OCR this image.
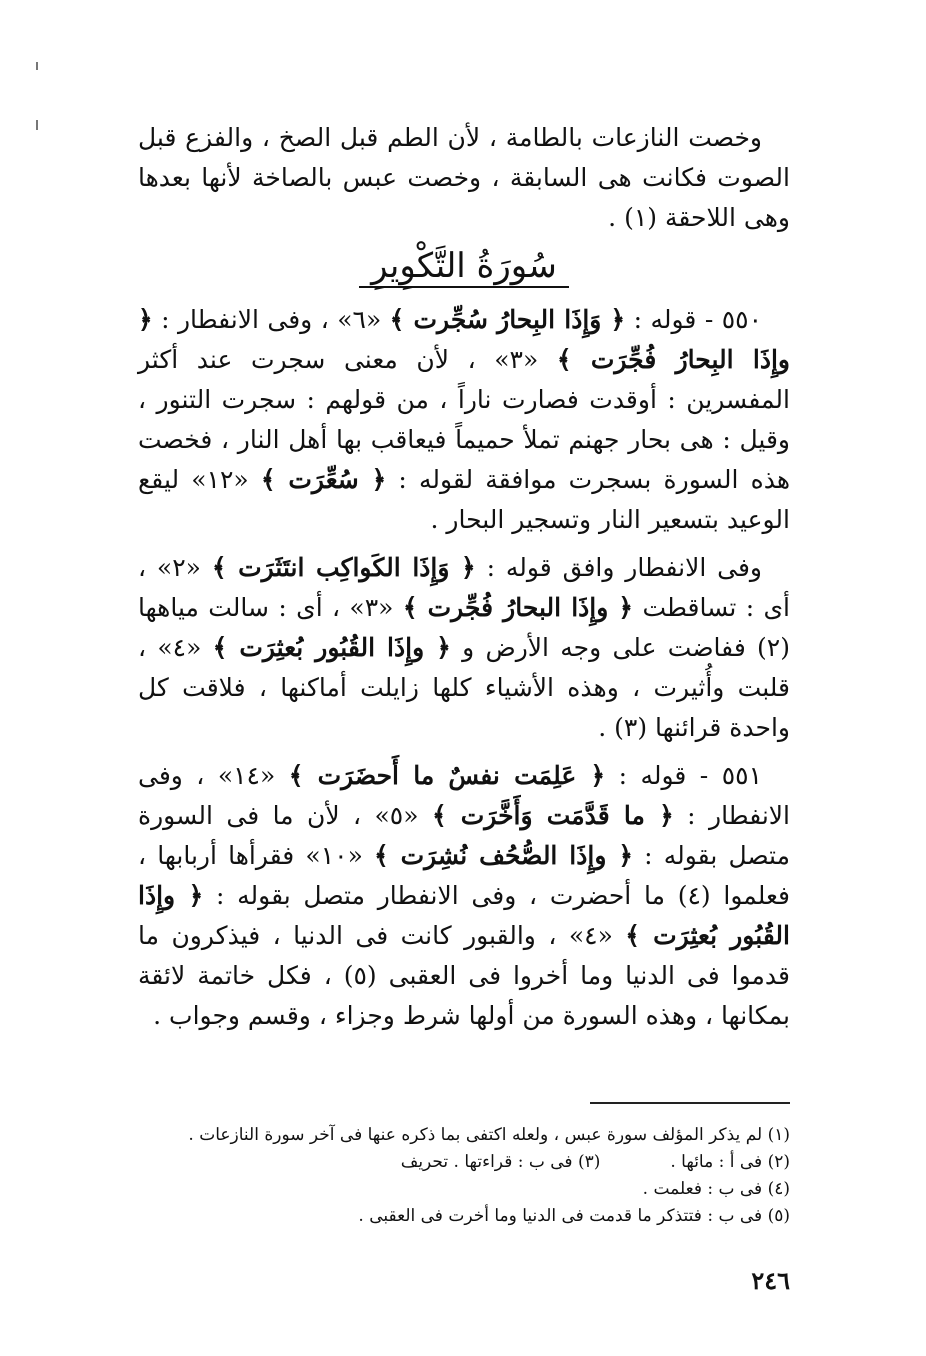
وخصت النازعات بالطامة ، لأن الطم قبل الصخ ، والفزع قبل الصوت فكانت هى السابقة ، وخصت عبس بالصاخة لأنها بعدها وهى اللاحقة (١) .

سُورَةُ التَّكْوِيرِ

٥٥٠ - قوله : ﴿ وَإِذَا البِحارُ سُجِّرت ﴾ «٦» ، وفى الانفطار : ﴿ وإِذَا البِحارُ فُجِّرَت ﴾ «٣» ، لأن معنى سجرت عند أكثر المفسرين : أوقدت فصارت ناراً ، من قولهم : سجرت التنور ، وقيل : هى بحار جهنم تملأ حميماً فيعاقب بها أهل النار ، فخصت هذه السورة بسجرت موافقة لقوله : ﴿ سُعِّرَت ﴾ «١٢» ليقع الوعيد بتسعير النار وتسجير البحار .

وفى الانفطار وافق قوله : ﴿ وَإِذَا الكَواكِب انتَثَرَت ﴾ «٢» ، أى : تساقطت ﴿ وإِذَا البحارُ فُجِّرت ﴾ «٣» ، أى : سالت مياهها (٢) ففاضت على وجه الأرض و ﴿ وإِذَا القُبُور بُعثِرَت ﴾ «٤» ، قلبت وأُثيرت ، وهذه الأشياء كلها زايلت أماكنها ، فلاقت كل واحدة قرائنها (٣) .

٥٥١ - قوله : ﴿ عَلِمَت نفسٌ ما أَحضَرَت ﴾ «١٤» ، وفى الانفطار : ﴿ ما قَدَّمَت وَأَخَّرَت ﴾ «٥» ، لأن ما فى السورة متصل بقوله : ﴿ وإِذَا الصُّحُف نُشِرَت ﴾ «١٠» فقرأها أربابها ، فعلموا (٤) ما أحضرت ، وفى الانفطار متصل بقوله : ﴿ وإِذَا القُبُور بُعثِرَت ﴾ «٤» ، والقبور كانت فى الدنيا ، فيذكرون ما قدموا فى الدنيا وما أخروا فى العقبى (٥) ، فكل خاتمة لائقة بمكانها ، وهذه السورة من أولها شرط وجزاء ، وقسم وجواب .

(١) لم يذكر المؤلف سورة عبس ، ولعله اكتفى بما ذكره عنها فى آخر سورة النازعات .

(٢) فى أ : مائها .(٣) فى ب : قراءتها . تحريف

(٤) فى ب : فعلمت .

(٥) فى ب : فتتذكر ما قدمت فى الدنيا وما أخرت فى العقبى .

٢٤٦
